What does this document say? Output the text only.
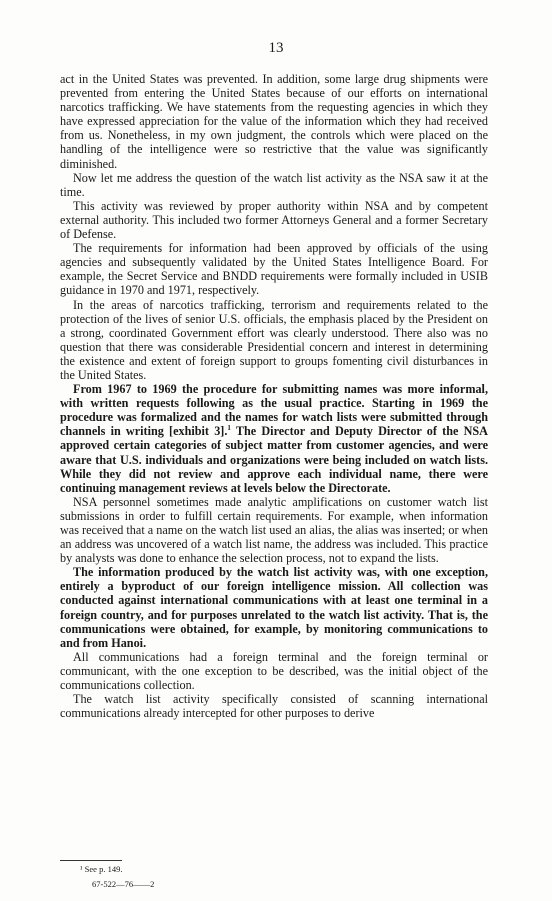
13

act in the United States was prevented. In addition, some large drug shipments were prevented from entering the United States because of our efforts on international narcotics trafficking. We have statements from the requesting agencies in which they have expressed appreciation for the value of the information which they had received from us. Nonetheless, in my own judgment, the controls which were placed on the handling of the intelligence were so restrictive that the value was significantly diminished.

Now let me address the question of the watch list activity as the NSA saw it at the time.

This activity was reviewed by proper authority within NSA and by competent external authority. This included two former Attorneys General and a former Secretary of Defense.

The requirements for information had been approved by officials of the using agencies and subsequently validated by the United States Intelligence Board. For example, the Secret Service and BNDD requirements were formally included in USIB guidance in 1970 and 1971, respectively.

In the areas of narcotics trafficking, terrorism and requirements related to the protection of the lives of senior U.S. officials, the emphasis placed by the President on a strong, coordinated Government effort was clearly understood. There also was no question that there was considerable Presidential concern and interest in determining the existence and extent of foreign support to groups fomenting civil disturbances in the United States.

From 1967 to 1969 the procedure for submitting names was more informal, with written requests following as the usual practice. Starting in 1969 the procedure was formalized and the names for watch lists were submitted through channels in writing [exhibit 3].$^1$ The Director and Deputy Director of the NSA approved certain categories of subject matter from customer agencies, and were aware that U.S. individuals and organizations were being included on watch lists. While they did not review and approve each individual name, there were continuing management reviews at levels below the Directorate.

NSA personnel sometimes made analytic amplifications on customer watch list submissions in order to fulfill certain requirements. For example, when information was received that a name on the watch list used an alias, the alias was inserted; or when an address was uncovered of a watch list name, the address was included. This practice by analysts was done to enhance the selection process, not to expand the lists.

The information produced by the watch list activity was, with one exception, entirely a byproduct of our foreign intelligence mission. All collection was conducted against international communications with at least one terminal in a foreign country, and for purposes unrelated to the watch list activity. That is, the communications were obtained, for example, by monitoring communications to and from Hanoi.

All communications had a foreign terminal and the foreign terminal or communicant, with the one exception to be described, was the initial object of the communications collection.

The watch list activity specifically consisted of scanning international communications already intercepted for other purposes to derive

¹ See p. 149.
67-522—76——2
